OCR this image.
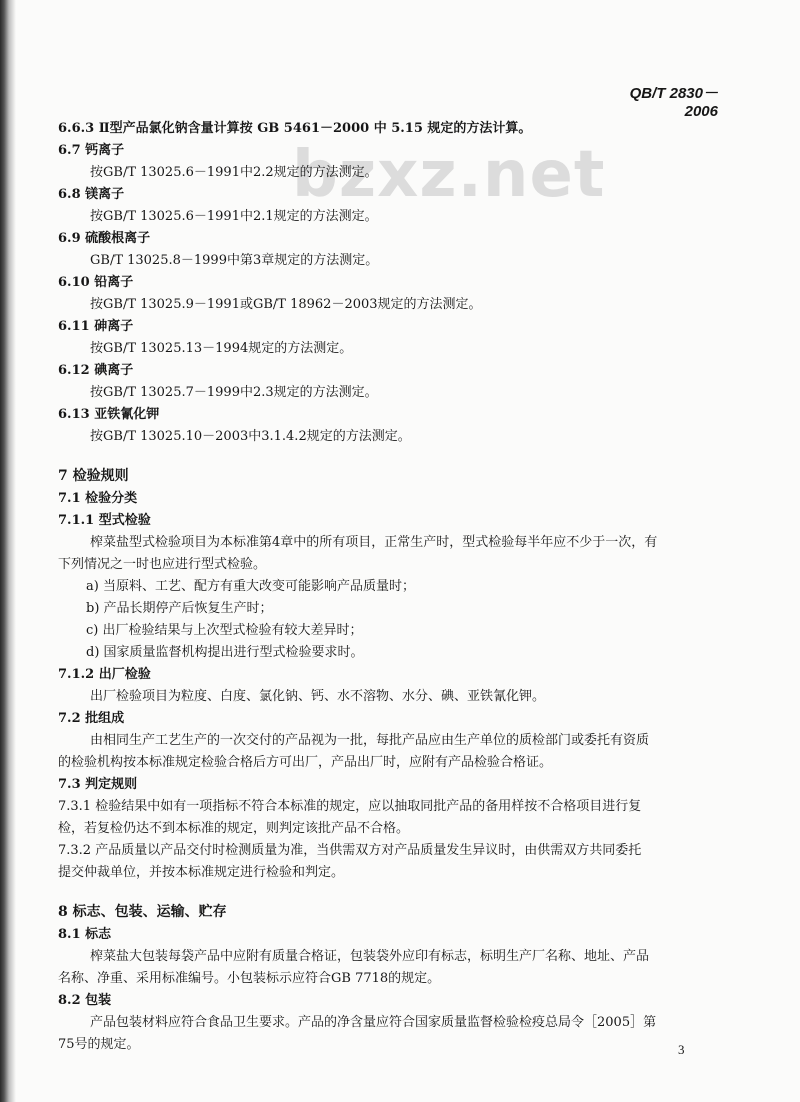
bzxz.net
QB/T 2830－2006
6.6.3 Ⅱ型产品氯化钠含量计算按 GB 5461－2000 中 5.15 规定的方法计算。
6.7 钙离子
按GB/T 13025.6－1991中2.2规定的方法测定。
6.8 镁离子
按GB/T 13025.6－1991中2.1规定的方法测定。
6.9 硫酸根离子
GB/T 13025.8－1999中第3章规定的方法测定。
6.10 铅离子
按GB/T 13025.9－1991或GB/T 18962－2003规定的方法测定。
6.11 砷离子
按GB/T 13025.13－1994规定的方法测定。
6.12 碘离子
按GB/T 13025.7－1999中2.3规定的方法测定。
6.13 亚铁氰化钾
按GB/T 13025.10－2003中3.1.4.2规定的方法测定。
7 检验规则
7.1 检验分类
7.1.1 型式检验
榨菜盐型式检验项目为本标准第4章中的所有项目，正常生产时，型式检验每半年应不少于一次，有
下列情况之一时也应进行型式检验。
a) 当原料、工艺、配方有重大改变可能影响产品质量时；
b) 产品长期停产后恢复生产时；
c) 出厂检验结果与上次型式检验有较大差异时；
d) 国家质量监督机构提出进行型式检验要求时。
7.1.2 出厂检验
出厂检验项目为粒度、白度、氯化钠、钙、水不溶物、水分、碘、亚铁氰化钾。
7.2 批组成
由相同生产工艺生产的一次交付的产品视为一批，每批产品应由生产单位的质检部门或委托有资质
的检验机构按本标准规定检验合格后方可出厂，产品出厂时，应附有产品检验合格证。
7.3 判定规则
7.3.1 检验结果中如有一项指标不符合本标准的规定，应以抽取同批产品的备用样按不合格项目进行复
检，若复检仍达不到本标准的规定，则判定该批产品不合格。
7.3.2 产品质量以产品交付时检测质量为准，当供需双方对产品质量发生异议时，由供需双方共同委托
提交仲裁单位，并按本标准规定进行检验和判定。
8 标志、包装、运输、贮存
8.1 标志
榨菜盐大包装每袋产品中应附有质量合格证，包装袋外应印有标志，标明生产厂名称、地址、产品
名称、净重、采用标准编号。小包装标示应符合GB 7718的规定。
8.2 包装
产品包装材料应符合食品卫生要求。产品的净含量应符合国家质量监督检验检疫总局令［2005］第
75号的规定。	3
